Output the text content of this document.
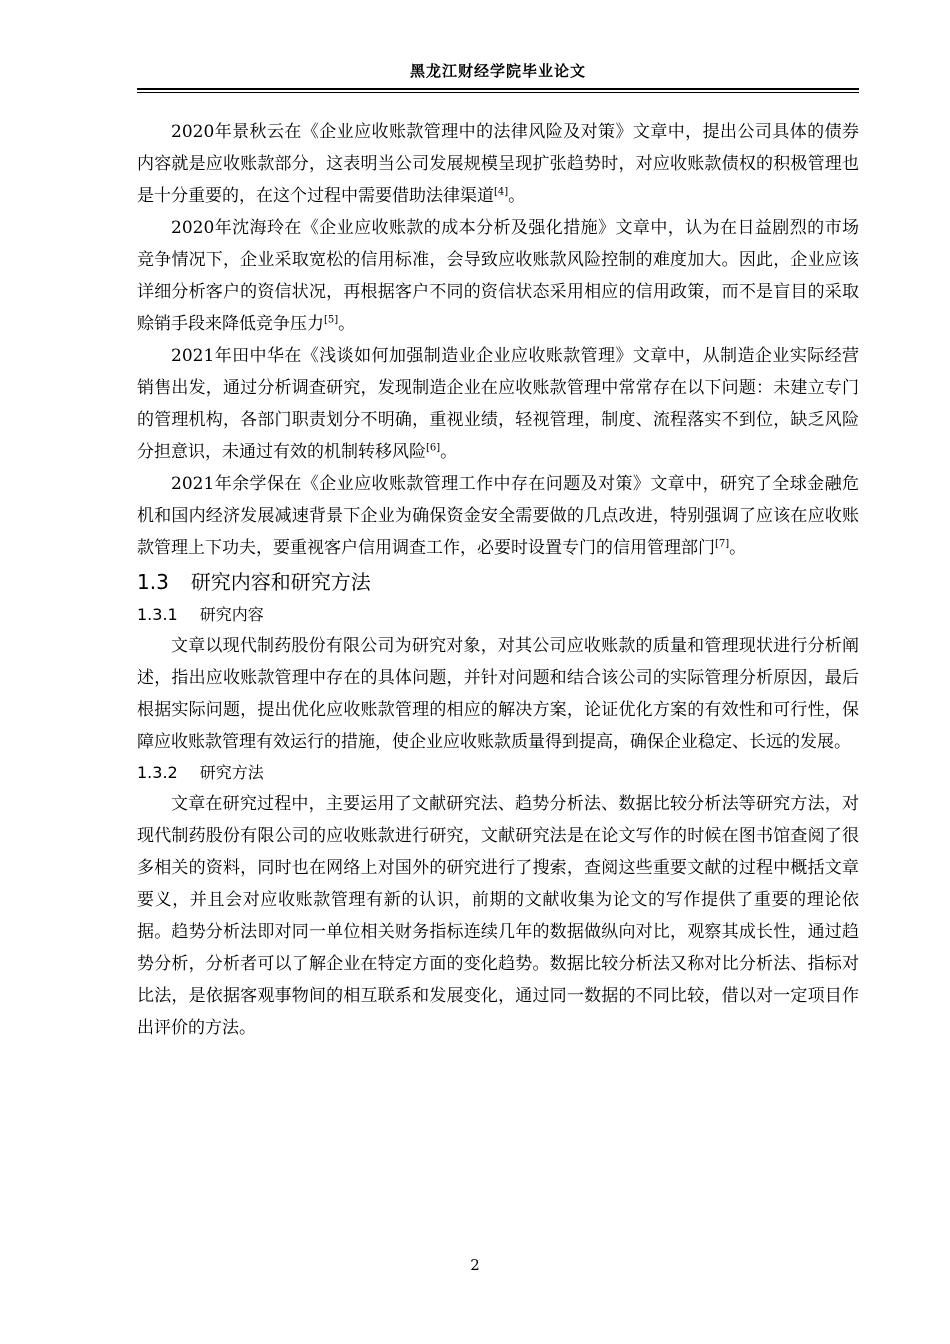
黑龙江财经学院毕业论文

2020年景秋云在《企业应收账款管理中的法律风险及对策》文章中，提出公司具体的债券内容就是应收账款部分，这表明当公司发展规模呈现扩张趋势时，对应收账款债权的积极管理也是十分重要的，在这个过程中需要借助法律渠道[4]。

2020年沈海玲在《企业应收账款的成本分析及强化措施》文章中，认为在日益剧烈的市场竞争情况下，企业采取宽松的信用标准，会导致应收账款风险控制的难度加大。因此，企业应该详细分析客户的资信状况，再根据客户不同的资信状态采用相应的信用政策，而不是盲目的采取赊销手段来降低竞争压力[5]。

2021年田中华在《浅谈如何加强制造业企业应收账款管理》文章中，从制造企业实际经营销售出发，通过分析调查研究，发现制造企业在应收账款管理中常常存在以下问题：未建立专门的管理机构，各部门职责划分不明确，重视业绩，轻视管理，制度、流程落实不到位，缺乏风险分担意识，未通过有效的机制转移风险[6]。

2021年余学保在《企业应收账款管理工作中存在问题及对策》文章中，研究了全球金融危机和国内经济发展减速背景下企业为确保资金安全需要做的几点改进，特别强调了应该在应收账款管理上下功夫，要重视客户信用调查工作，必要时设置专门的信用管理部门[7]。

1.3 研究内容和研究方法
1.3.1 研究内容

文章以现代制药股份有限公司为研究对象，对其公司应收账款的质量和管理现状进行分析阐述，指出应收账款管理中存在的具体问题，并针对问题和结合该公司的实际管理分析原因，最后根据实际问题，提出优化应收账款管理的相应的解决方案，论证优化方案的有效性和可行性，保障应收账款管理有效运行的措施，使企业应收账款质量得到提高，确保企业稳定、长远的发展。

1.3.2 研究方法

文章在研究过程中，主要运用了文献研究法、趋势分析法、数据比较分析法等研究方法，对现代制药股份有限公司的应收账款进行研究，文献研究法是在论文写作的时候在图书馆查阅了很多相关的资料，同时也在网络上对国外的研究进行了搜索，查阅这些重要文献的过程中概括文章要义，并且会对应收账款管理有新的认识，前期的文献收集为论文的写作提供了重要的理论依据。趋势分析法即对同一单位相关财务指标连续几年的数据做纵向对比，观察其成长性，通过趋势分析，分析者可以了解企业在特定方面的变化趋势。数据比较分析法又称对比分析法、指标对比法，是依据客观事物间的相互联系和发展变化，通过同一数据的不同比较，借以对一定项目作出评价的方法。

2
